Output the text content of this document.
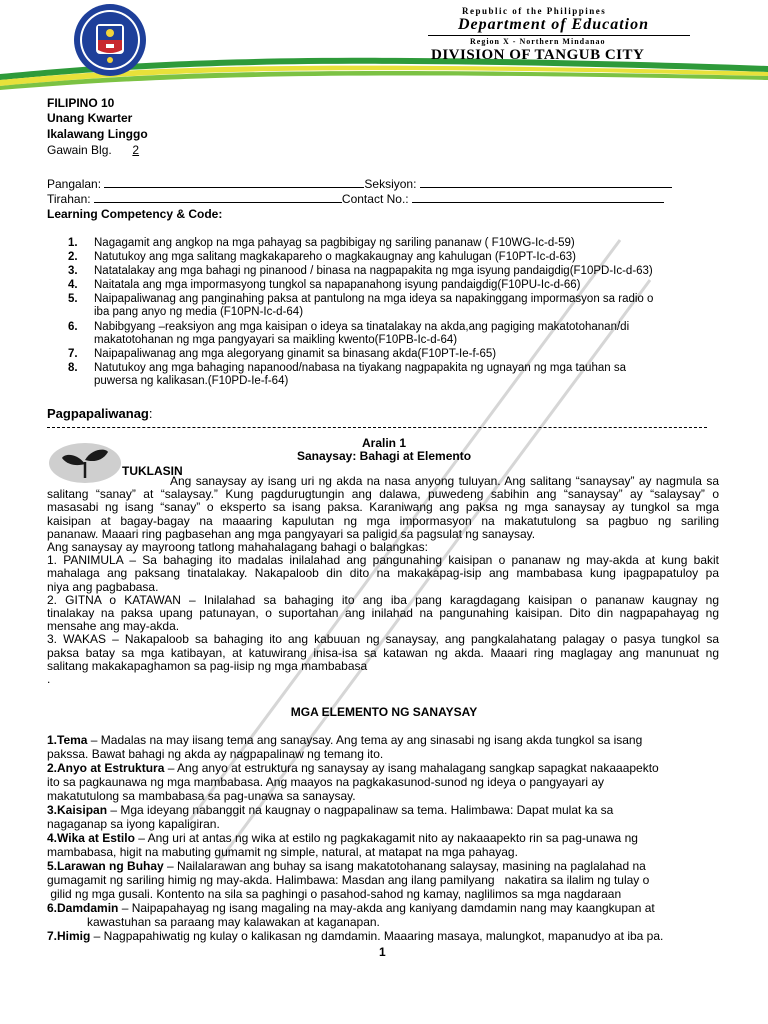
Republic of the Philippines
Department of Education
Region X - Northern Mindanao
DIVISION OF TANGUB CITY
FILIPINO 10
Unang Kwarter
Ikalawang Linggo
Gawain Blg. 2
Pangalan:	Seksiyon:
Tirahan:	Contact No.:
Learning Competency & Code:
1. Nagagamit ang angkop na mga pahayag sa pagbibigay ng sariling pananaw ( F10WG-Ic-d-59)
2. Natutukoy ang mga salitang magkakapareho o magkakaugnay ang kahulugan (F10PT-Ic-d-63)
3. Natatalakay ang mga bahagi ng pinanood / binasa na nagpapakita ng mga isyung pandaigdig(F10PD-Ic-d-63)
4. Naitatala ang mga impormasyong tungkol sa napapanahong isyung pandaigdig(F10PU-Ic-d-66)
5. Naipapaliwanag ang panginahing paksa at pantulong na mga ideya sa napakinggang impormasyon sa radio o
iba pang anyo ng media (F10PN-Ic-d-64)
6. Nabibgyang –reaksiyon ang mga kaisipan o ideya sa tinatalakay na akda,ang pagiging makatotohanan/di
makatotohanan ng mga pangyayari sa maikling kwento(F10PB-Ic-d-64)
7. Naipapaliwanag ang mga alegoryang ginamit sa binasang akda(F10PT-Ie-f-65)
8. Natutukoy ang mga bahaging napanood/nabasa na tiyakang nagpapakita ng ugnayan ng mga tauhan sa
puwersa ng kalikasan.(F10PD-Ie-f-64)
Pagpapaliwanag:
Aralin 1
Sanaysay: Bahagi at Elemento
TUKLASIN
Ang sanaysay ay isang uri ng akda na nasa anyong tuluyan. Ang salitang “sanaysay” ay nagmula sa
salitang “sanay” at “salaysay.” Kung pagdurugtungin ang dalawa, puwedeng sabihin ang “sanaysay” ay “salaysay” o
masasabi ng isang “sanay” o eksperto sa isang paksa. Karaniwang ang paksa ng mga sanaysay ay tungkol sa mga
kaisipan at bagay-bagay na maaaring kapulutan ng mga impormasyon na makatutulong sa pagbuo ng sariling
pananaw. Maaari ring pagbasehan ang mga pangyayari sa paligid sa pagsulat ng sanaysay.
Ang sanaysay ay mayroong tatlong mahahalagang bahagi o balangkas:
1. PANIMULA – Sa bahaging ito madalas inilalahad ang pangunahing kaisipan o pananaw ng may-akda at kung bakit
mahalaga ang paksang tinatalakay. Nakapaloob din dito na makakapag-isip ang mambabasa kung ipagpapatuloy pa
niya ang pagbabasa.
2. GITNA o KATAWAN – Inilalahad sa bahaging ito ang iba pang karagdagang kaisipan o pananaw kaugnay ng
tinalakay na paksa upang patunayan, o suportahan ang inilahad na pangunahing kaisipan. Dito din nagpapahayag ng
mensahe ang may-akda.
3. WAKAS – Nakapaloob sa bahaging ito ang kabuuan ng sanaysay, ang pangkalahatang palagay o pasya tungkol sa
paksa batay sa mga katibayan, at katuwirang inisa-isa sa katawan ng akda. Maaari ring maglagay ang manunuat ng
salitang makakapaghamon sa pag-iisip ng mga mambabasa
.
MGA ELEMENTO NG SANAYSAY
1.Tema – Madalas na may iisang tema ang sanaysay. Ang tema ay ang sinasabi ng isang akda tungkol sa isang
pakssa. Bawat bahagi ng akda ay nagpapalinaw ng temang ito.
2.Anyo at Estruktura – Ang anyo at estruktura ng sanaysay ay isang mahalagang sangkap sapagkat nakaaapekto
ito sa pagkaunawa ng mga mambabasa. Ang maayos na pagkakasunod-sunod ng ideya o pangyayari ay
makatutulong sa mambabasa sa pag-unawa sa sanaysay.
3.Kaisipan – Mga ideyang nabanggit na kaugnay o nagpapalinaw sa tema. Halimbawa: Dapat mulat ka sa
nagaganap sa iyong kapaligiran.
4.Wika at Estilo – Ang uri at antas ng wika at estilo ng pagkakagamit nito ay nakaaapekto rin sa pag-unawa ng
mambabasa, higit na mabuting gumamit ng simple, natural, at matapat na mga pahayag.
5.Larawan ng Buhay – Nailalarawan ang buhay sa isang makatotohanang salaysay, masining na paglalahad na
gumagamit ng sariling himig ng may-akda. Halimbawa: Masdan ang ilang pamilyang   nakatira sa ilalim ng tulay o
gilid ng mga gusali. Kontento na sila sa paghingi o pasahod-sahod ng kamay, naglilimos sa mga nagdaraan
6.Damdamin – Naipapahayag ng isang magaling na may-akda ang kaniyang damdamin nang may kaangkupan at
kawastuhan sa paraang may kalawakan at kaganapan.
7.Himig – Nagpapahiwatig ng kulay o kalikasan ng damdamin. Maaaring masaya, malungkot, mapanudyo at iba pa.
1
